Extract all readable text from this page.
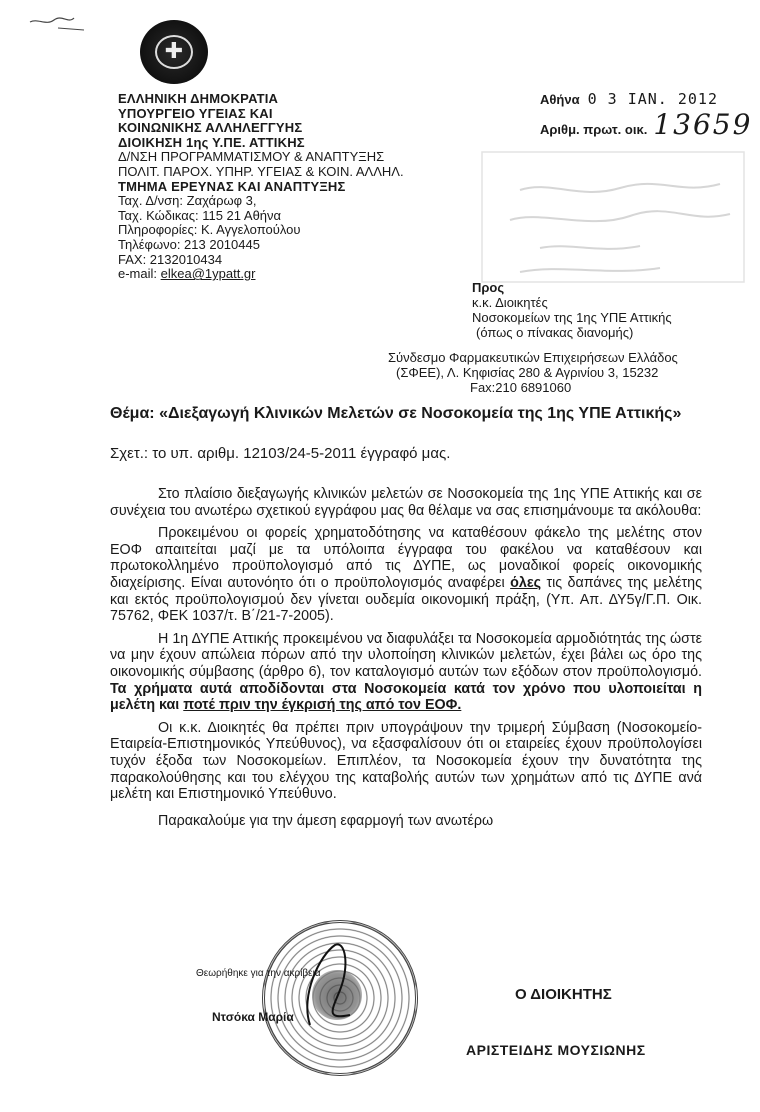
✚
ΕΛΛΗΝΙΚΗ ΔΗΜΟΚΡΑΤΙΑ
ΥΠΟΥΡΓΕΙΟ ΥΓΕΙΑΣ ΚΑΙ
ΚΟΙΝΩΝΙΚΗΣ ΑΛΛΗΛΕΓΓΥΗΣ
ΔΙΟΙΚΗΣΗ 1ης Υ.ΠΕ. ΑΤΤΙΚΗΣ
Δ/ΝΣΗ ΠΡΟΓΡΑΜΜΑΤΙΣΜΟΥ & ΑΝΑΠΤΥΞΗΣ
ΠΟΛΙΤ. ΠΑΡΟΧ. ΥΠΗΡ. ΥΓΕΙΑΣ & ΚΟΙΝ. ΑΛΛΗΛ.
ΤΜΗΜΑ ΕΡΕΥΝΑΣ ΚΑΙ ΑΝΑΠΤΥΞΗΣ
Ταχ. Δ/νση: Ζαχάρωφ 3,
Ταχ. Κώδικας: 115 21 Αθήνα
Πληροφορίες: Κ. Αγγελοπούλου
Τηλέφωνο: 213 2010445
FAX: 2132010434
e-mail: elkea@1ypatt.gr
Αθήνα 0 3 ΙΑΝ. 2012
Αριθμ. πρωτ. οικ. 13659
Προς
κ.κ. Διοικητές
Νοσοκομείων της 1ης ΥΠΕ Αττικής
(όπως ο πίνακας διανομής)
Σύνδεσμο Φαρμακευτικών Επιχειρήσεων Ελλάδος
(ΣΦΕΕ), Λ. Κηφισίας 280 & Αγρινίου 3, 15232
Fax:210 6891060
Θέμα: «Διεξαγωγή Κλινικών Μελετών σε Νοσοκομεία της 1ης ΥΠΕ Αττικής»
Σχετ.: το υπ. αριθμ. 12103/24-5-2011 έγγραφό μας.

Στο πλαίσιο διεξαγωγής κλινικών μελετών σε Νοσοκομεία της 1ης ΥΠΕ Αττικής και σε συνέχεια του ανωτέρω σχετικού εγγράφου μας θα θέλαμε να σας επισημάνουμε τα ακόλουθα:

Προκειμένου οι φορείς χρηματοδότησης να καταθέσουν φάκελο της μελέτης στον ΕΟΦ απαιτείται μαζί με τα υπόλοιπα έγγραφα του φακέλου να καταθέσουν και πρωτοκολλημένο προϋπολογισμό από τις ΔΥΠΕ, ως μοναδικοί φορείς οικονομικής διαχείρισης. Είναι αυτονόητο ότι ο προϋπολογισμός αναφέρει όλες τις δαπάνες της μελέτης και εκτός προϋπολογισμού δεν γίνεται ουδεμία οικονομική πράξη, (Υπ. Απ. ΔΥ5γ/Γ.Π. Οικ. 75762, ΦΕΚ 1037/τ. Β΄/21-7-2005).

Η 1η ΔΥΠΕ Αττικής προκειμένου να διαφυλάξει τα Νοσοκομεία αρμοδιότητάς της ώστε να μην έχουν απώλεια πόρων από την υλοποίηση κλινικών μελετών, έχει βάλει ως όρο της οικονομικής σύμβασης (άρθρο 6), τον καταλογισμό αυτών των εξόδων στον προϋπολογισμό. Τα χρήματα αυτά αποδίδονται στα Νοσοκομεία κατά τον χρόνο που υλοποιείται η μελέτη και ποτέ πριν την έγκρισή της από τον ΕΟΦ.

Οι κ.κ. Διοικητές θα πρέπει πριν υπογράψουν την τριμερή Σύμβαση (Νοσοκομείο-Εταιρεία-Επιστημονικός Υπεύθυνος), να εξασφαλίσουν ότι οι εταιρείες έχουν προϋπολογίσει τυχόν έξοδα των Νοσοκομείων. Επιπλέον, τα Νοσοκομεία έχουν την δυνατότητα της παρακολούθησης και του ελέγχου της καταβολής αυτών των χρημάτων από τις ΔΥΠΕ ανά μελέτη και Επιστημονικό Υπεύθυνο.

Παρακαλούμε για την άμεση εφαρμογή των ανωτέρω

Θεωρήθηκε για την ακρίβεια
Ντσόκα Μαρία
Ο ΔΙΟΙΚΗΤΗΣ
ΑΡΙΣΤΕΙΔΗΣ ΜΟΥΣΙΩΝΗΣ
